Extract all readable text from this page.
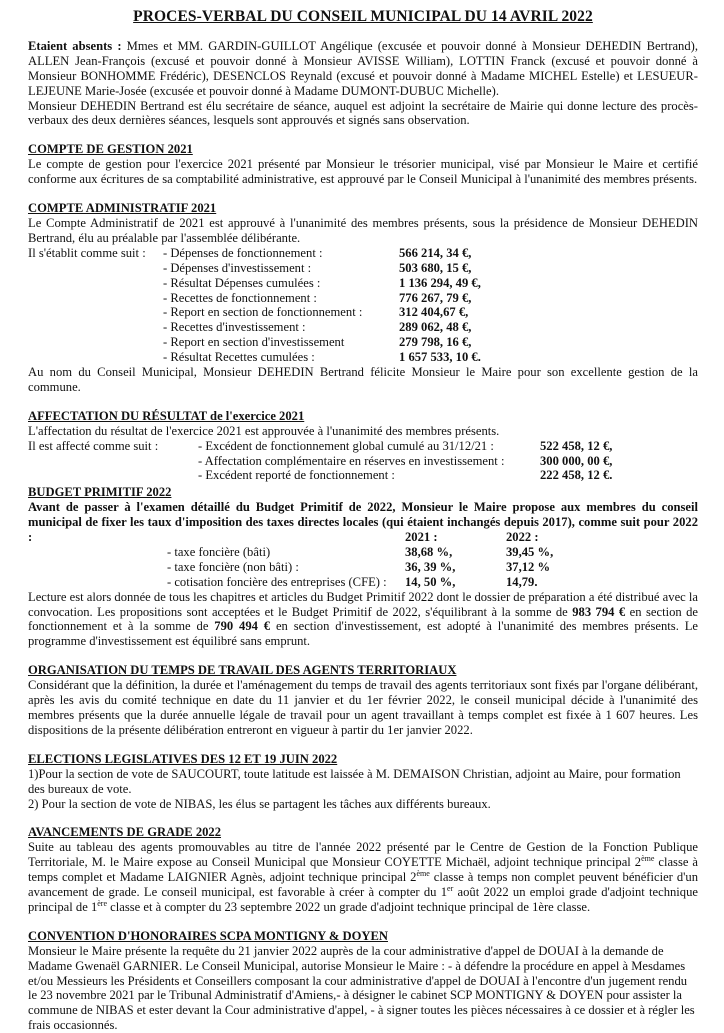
PROCES-VERBAL DU CONSEIL MUNICIPAL DU 14 AVRIL 2022

Etaient absents : Mmes et MM. GARDIN-GUILLOT Angélique (excusée et pouvoir donné à Monsieur DEHEDIN Bertrand), ALLEN Jean-François (excusé et pouvoir donné à Monsieur AVISSE William), LOTTIN Franck (excusé et pouvoir donné à Monsieur BONHOMME Frédéric), DESENCLOS Reynald (excusé et pouvoir donné à Madame MICHEL Estelle) et LESUEUR-LEJEUNE Marie-Josée (excusée et pouvoir donné à Madame DUMONT-DUBUC Michelle).

Monsieur DEHEDIN Bertrand est élu secrétaire de séance, auquel est adjoint la secrétaire de Mairie qui donne lecture des procès-verbaux des deux dernières séances, lesquels sont approuvés et signés sans observation.

COMPTE DE GESTION 2021

Le compte de gestion pour l'exercice 2021 présenté par Monsieur le trésorier municipal, visé par Monsieur le Maire et certifié conforme aux écritures de sa comptabilité administrative, est approuvé par le Conseil Municipal à l'unanimité des membres présents.

COMPTE ADMINISTRATIF 2021

Le Compte Administratif de 2021 est approuvé à l'unanimité des membres présents, sous la présidence de Monsieur DEHEDIN Bertrand, élu au préalable par l'assemblée délibérante.

Il s'établit comme suit :	- Dépenses de fonctionnement :	566 214, 34 €,
	- Dépenses d'investissement :	503 680, 15 €,
	- Résultat Dépenses cumulées :	1 136 294, 49 €,
	- Recettes de fonctionnement :	776 267, 79 €,
	- Report en section de fonctionnement :	312 404,67 €,
	- Recettes d'investissement :	289 062, 48 €,
	- Report en section d'investissement	279 798, 16 €,
	- Résultat Recettes cumulées :	1 657 533, 10 €.

Au nom du Conseil Municipal, Monsieur DEHEDIN Bertrand félicite Monsieur le Maire pour son excellente gestion de la commune.

AFFECTATION DU RÉSULTAT de l'exercice 2021

L'affectation du résultat de l'exercice 2021 est approuvée à l'unanimité des membres présents.

Il est affecté comme suit :	- Excédent de fonctionnement global cumulé au 31/12/21 :	522 458, 12 €,
	- Affectation complémentaire en réserves en investissement :	300 000, 00 €,
	- Excédent reporté de fonctionnement :	222 458, 12 €.
BUDGET PRIMITIF 2022

Avant de passer à l'examen détaillé du Budget Primitif de 2022, Monsieur le Maire propose aux membres du conseil municipal de fixer les taux d'imposition des taxes directes locales (qui étaient inchangés depuis 2017), comme suit pour 2022 :

		2021 :	2022 :
- taxe foncière (bâti)	38,68 %,	39,45 %,
- taxe foncière (non bâti) :	36, 39 %,	37,12 %
- cotisation foncière des entreprises (CFE) :	14, 50 %,	14,79.

Lecture est alors donnée de tous les chapitres et articles du Budget Primitif 2022 dont le dossier de préparation a été distribué avec la convocation. Les propositions sont acceptées et le Budget Primitif de 2022, s'équilibrant à la somme de 983 794 € en section de fonctionnement et à la somme de 790 494 € en section d'investissement, est adopté à l'unanimité des membres présents. Le programme d'investissement est équilibré sans emprunt.

ORGANISATION DU TEMPS DE TRAVAIL DES AGENTS TERRITORIAUX

Considérant que la définition, la durée et l'aménagement du temps de travail des agents territoriaux sont fixés par l'organe délibérant, après les avis du comité technique en date du 11 janvier et du 1er février 2022, le conseil municipal décide à l'unanimité des membres présents que la durée annuelle légale de travail pour un agent travaillant à temps complet est fixée à 1 607 heures. Les dispositions de la présente délibération entreront en vigueur à partir du 1er janvier 2022.

ELECTIONS LEGISLATIVES DES 12 ET 19 JUIN 2022

1)Pour la section de vote de SAUCOURT, toute latitude est laissée à M. DEMAISON Christian, adjoint au Maire, pour formation des bureaux de vote.

2) Pour la section de vote de NIBAS, les élus se partagent les tâches aux différents bureaux.

AVANCEMENTS DE GRADE 2022

Suite au tableau des agents promouvables au titre de l'année 2022 présenté par le Centre de Gestion de la Fonction Publique Territoriale, M. le Maire expose au Conseil Municipal que Monsieur COYETTE Michaël, adjoint technique principal 2ème classe à temps complet et Madame LAIGNIER Agnès, adjoint technique principal 2ème classe à temps non complet peuvent bénéficier d'un avancement de grade. Le conseil municipal, est favorable à créer à compter du 1er août 2022 un emploi grade d'adjoint technique principal de 1ère classe et à compter du 23 septembre 2022 un grade d'adjoint technique principal de 1ère classe.

CONVENTION D'HONORAIRES SCPA MONTIGNY & DOYEN

Monsieur le Maire présente la requête du 21 janvier 2022 auprès de la cour administrative d'appel de DOUAI à la demande de Madame Gwenaël GARNIER. Le Conseil Municipal, autorise Monsieur le Maire : - à défendre la procédure en appel à Mesdames et/ou Messieurs les Présidents et Conseillers composant la cour administrative d'appel de DOUAI à l'encontre d'un jugement rendu le 23 novembre 2021 par le Tribunal Administratif d'Amiens,- à désigner le cabinet SCP MONTIGNY & DOYEN pour assister la commune de NIBAS et ester devant la Cour administrative d'appel, - à signer toutes les pièces nécessaires à ce dossier et à régler les frais occasionnés.
